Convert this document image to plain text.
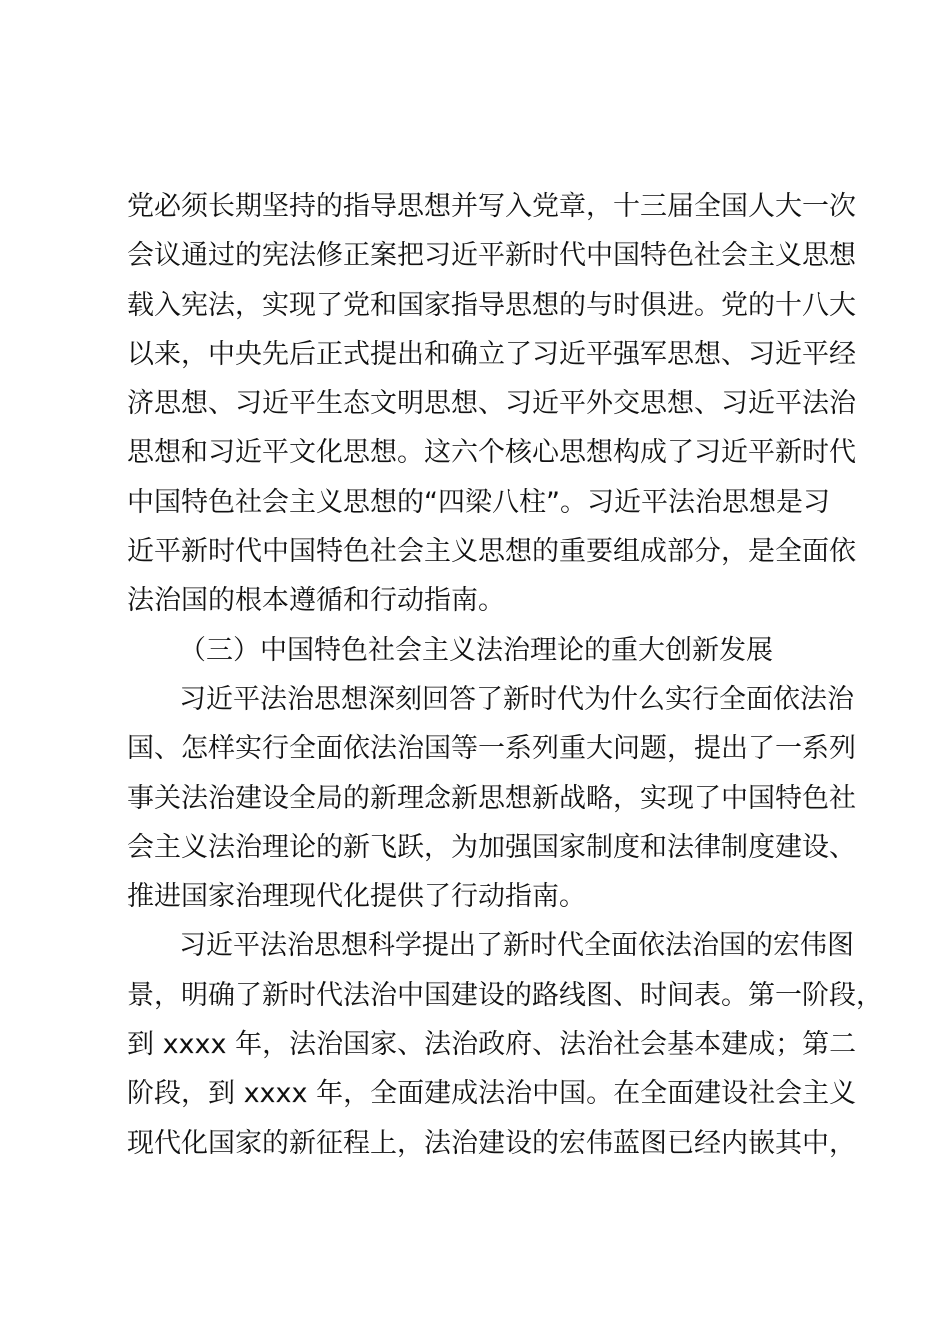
党必须长期坚持的指导思想并写入党章，十三届全国人大一次
会议通过的宪法修正案把习近平新时代中国特色社会主义思想
载入宪法，实现了党和国家指导思想的与时俱进。党的十八大
以来，中央先后正式提出和确立了习近平强军思想、习近平经
济思想、习近平生态文明思想、习近平外交思想、习近平法治
思想和习近平文化思想。这六个核心思想构成了习近平新时代
中国特色社会主义思想的“四梁八柱”。习近平法治思想是习
近平新时代中国特色社会主义思想的重要组成部分，是全面依
法治国的根本遵循和行动指南。
（三）中国特色社会主义法治理论的重大创新发展
习近平法治思想深刻回答了新时代为什么实行全面依法治
国、怎样实行全面依法治国等一系列重大问题，提出了一系列
事关法治建设全局的新理念新思想新战略，实现了中国特色社
会主义法治理论的新飞跃，为加强国家制度和法律制度建设、
推进国家治理现代化提供了行动指南。
习近平法治思想科学提出了新时代全面依法治国的宏伟图
景，明确了新时代法治中国建设的路线图、时间表。第一阶段，
到 xxxx 年，法治国家、法治政府、法治社会基本建成；第二
阶段，到 xxxx 年，全面建成法治中国。在全面建设社会主义
现代化国家的新征程上，法治建设的宏伟蓝图已经内嵌其中，
